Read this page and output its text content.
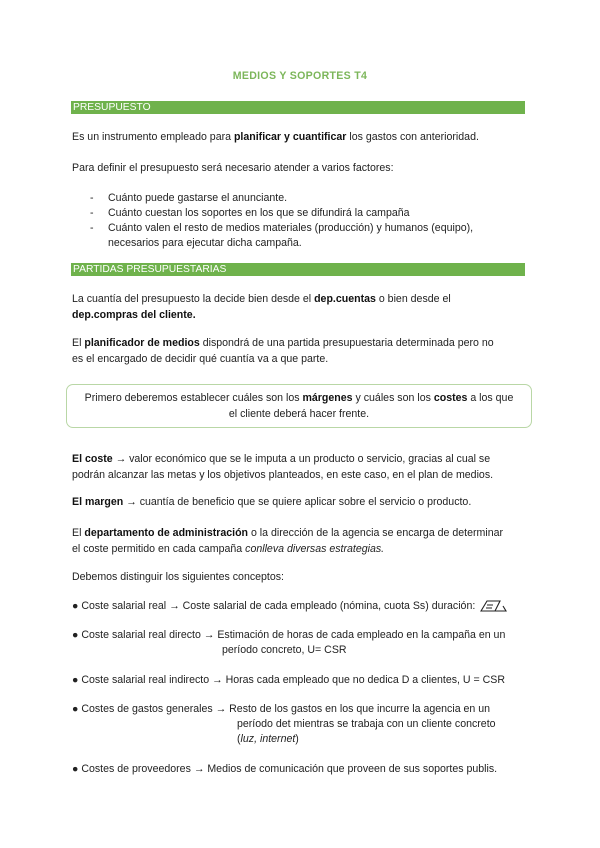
MEDIOS Y SOPORTES T4
PRESUPUESTO
Es un instrumento empleado para planificar y cuantificar los gastos con anterioridad.
Para definir el presupuesto será necesario atender a varios factores:
- Cuánto puede gastarse el anunciante.
- Cuánto cuestan los soportes en los que se difundirá la campaña
- Cuánto valen el resto de medios materiales (producción) y humanos (equipo),
necesarios para ejecutar dicha campaña.
PARTIDAS PRESUPUESTARIAS
La cuantía del presupuesto la decide bien desde el dep.cuentas o bien desde el
dep.compras del cliente.
El planificador de medios dispondrá de una partida presupuestaria determinada pero no
es el encargado de decidir qué cuantía va a que parte.
Primero deberemos establecer cuáles son los márgenes y cuáles son los costes a los que
el cliente deberá hacer frente.
El coste → valor económico que se le imputa a un producto o servicio, gracias al cual se
podrán alcanzar las metas y los objetivos planteados, en este caso, en el plan de medios.
El margen → cuantía de beneficio que se quiere aplicar sobre el servicio o producto.
El departamento de administración o la dirección de la agencia se encarga de determinar
el coste permitido en cada campaña conlleva diversas estrategias.
Debemos distinguir los siguientes conceptos:
● Coste salarial real → Coste salarial de cada empleado (nómina, cuota Ss) duración:
● Coste salarial real directo → Estimación de horas de cada empleado en la campaña en un
período concreto, U= CSR
● Coste salarial real indirecto → Horas cada empleado que no dedica D a clientes, U = CSR
● Costes de gastos generales → Resto de los gastos en los que incurre la agencia en un
período det mientras se trabaja con un cliente concreto
(luz, internet)
● Costes de proveedores → Medios de comunicación que proveen de sus soportes publis.
